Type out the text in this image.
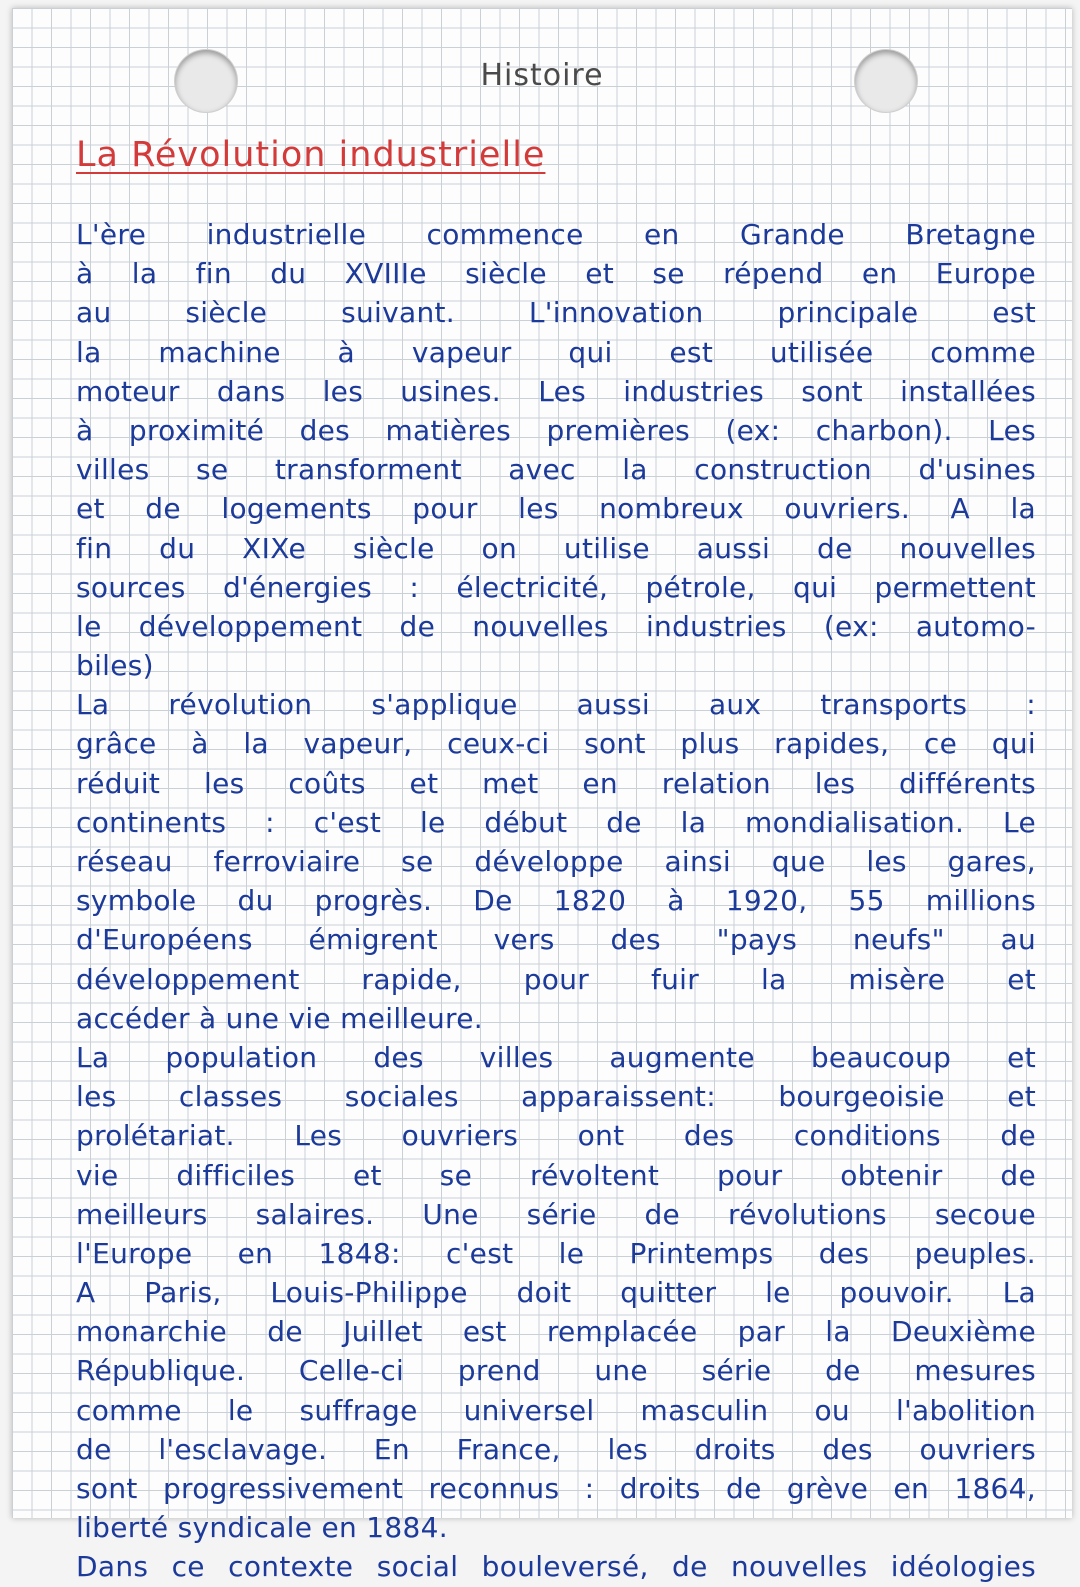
Histoire
La Révolution industrielle
L'ère industrielle commence en Grande Bretagne
à la fin du XVIIIe siècle et se répend en Europe
au siècle suivant. L'innovation principale est
la machine à vapeur qui est utilisée comme
moteur dans les usines. Les industries sont installées
à proximité des matières premières (ex: charbon). Les
villes se transforment avec la construction d'usines
et de logements pour les nombreux ouvriers. A la
fin du XIXe siècle on utilise aussi de nouvelles
sources d'énergies : électricité, pétrole, qui permettent
le développement de nouvelles industries (ex: automo-
biles)
La révolution s'applique aussi aux transports :
grâce à la vapeur, ceux-ci sont plus rapides, ce qui
réduit les coûts et met en relation les différents
continents : c'est le début de la mondialisation. Le
réseau ferroviaire se développe ainsi que les gares,
symbole du progrès. De 1820 à 1920, 55 millions
d'Européens émigrent vers des "pays neufs" au
développement rapide, pour fuir la misère et
accéder à une vie meilleure.
La population des villes augmente beaucoup et
les classes sociales apparaissent: bourgeoisie et
prolétariat. Les ouvriers ont des conditions de
vie difficiles et se révoltent pour obtenir de
meilleurs salaires. Une série de révolutions secoue
l'Europe en 1848: c'est le Printemps des peuples.
A Paris, Louis-Philippe doit quitter le pouvoir. La
monarchie de Juillet est remplacée par la Deuxième
République. Celle-ci prend une série de mesures
comme le suffrage universel masculin ou l'abolition
de l'esclavage. En France, les droits des ouvriers
sont progressivement reconnus : droits de grève en 1864,
liberté syndicale en 1884.
Dans ce contexte social bouleversé, de nouvelles idéologies
